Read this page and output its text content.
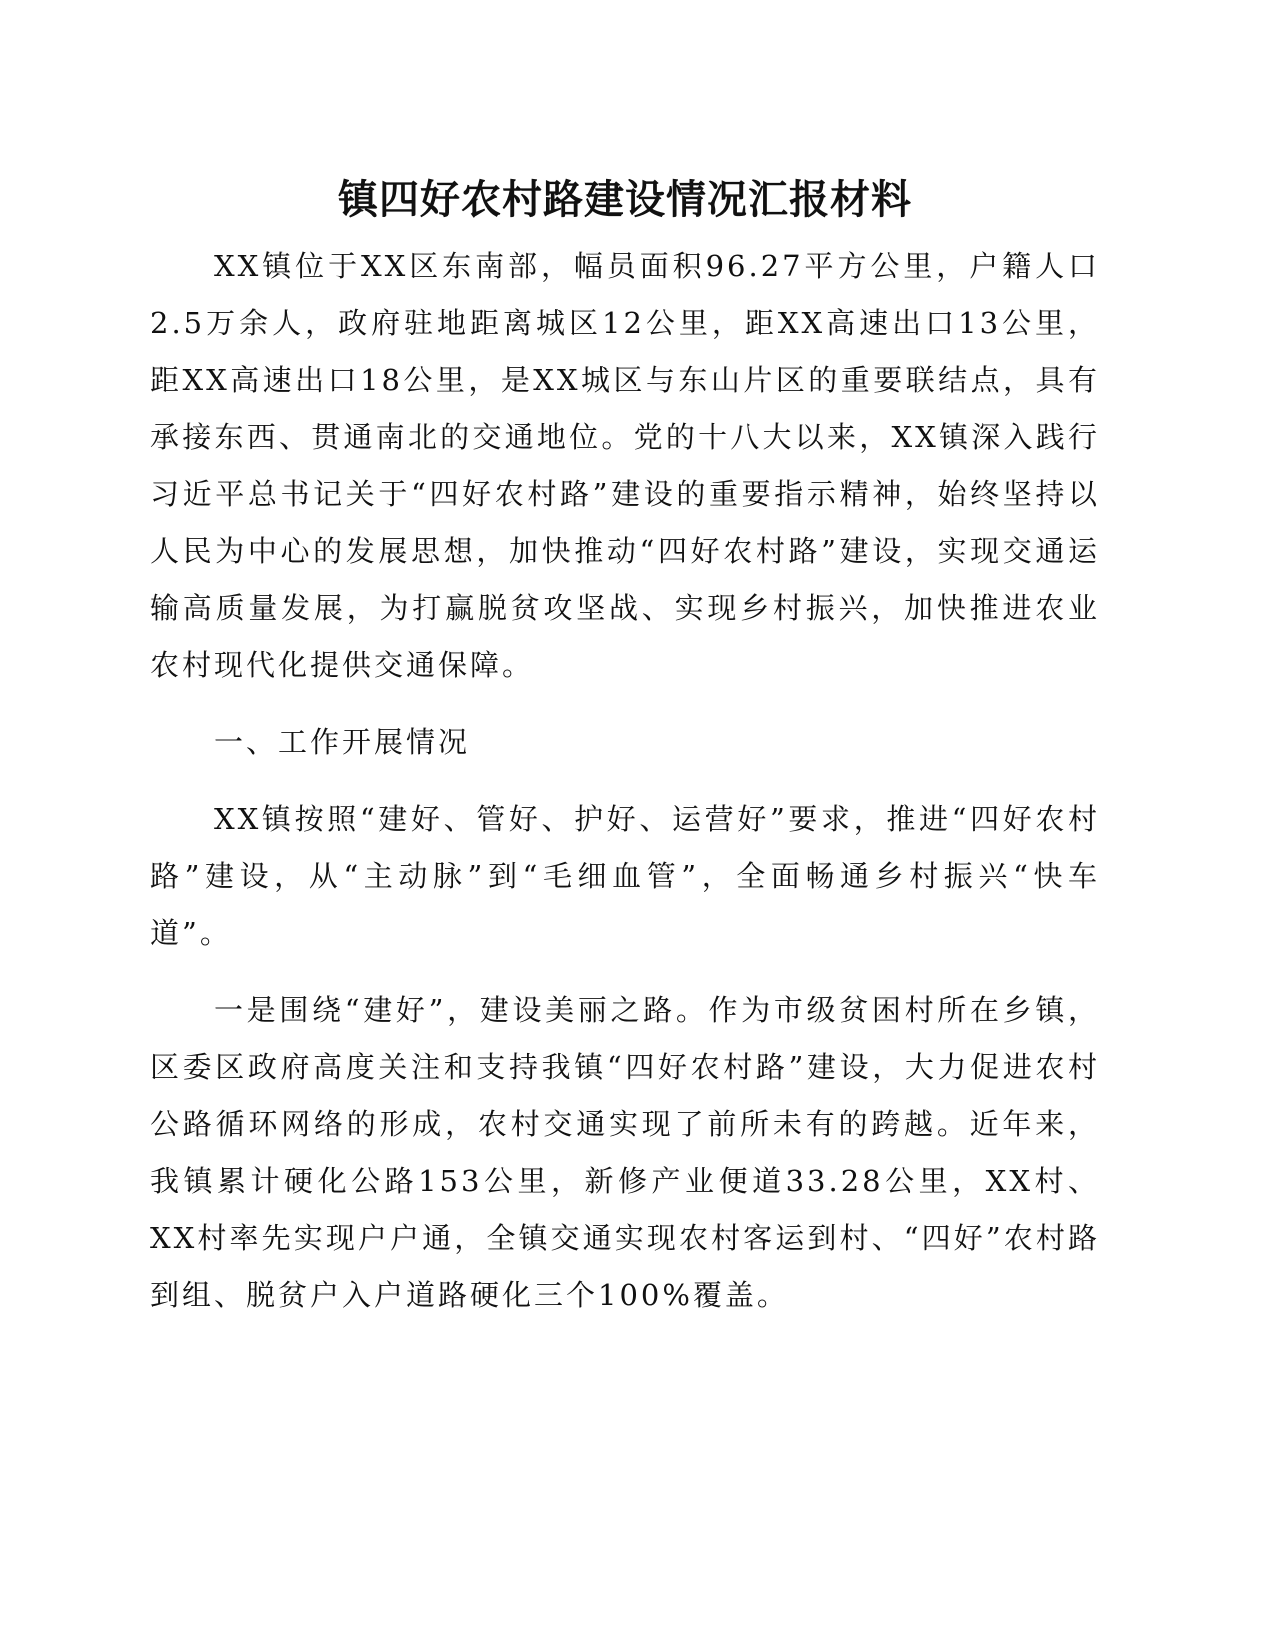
镇四好农村路建设情况汇报材料

XX镇位于XX区东南部，幅员面积96.27平方公里，户籍人口2.5万余人，政府驻地距离城区12公里，距XX高速出口13公里，距XX高速出口18公里，是XX城区与东山片区的重要联结点，具有承接东西、贯通南北的交通地位。党的十八大以来，XX镇深入践行习近平总书记关于“四好农村路”建设的重要指示精神，始终坚持以人民为中心的发展思想，加快推动“四好农村路”建设，实现交通运输高质量发展，为打赢脱贫攻坚战、实现乡村振兴，加快推进农业农村现代化提供交通保障。

一、工作开展情况

XX镇按照“建好、管好、护好、运营好”要求，推进“四好农村路”建设，从“主动脉”到“毛细血管”，全面畅通乡村振兴“快车道”。

一是围绕“建好”，建设美丽之路。作为市级贫困村所在乡镇，区委区政府高度关注和支持我镇“四好农村路”建设，大力促进农村公路循环网络的形成，农村交通实现了前所未有的跨越。近年来，我镇累计硬化公路153公里，新修产业便道33.28公里，XX村、XX村率先实现户户通，全镇交通实现农村客运到村、“四好”农村路到组、脱贫户入户道路硬化三个100%覆盖。
